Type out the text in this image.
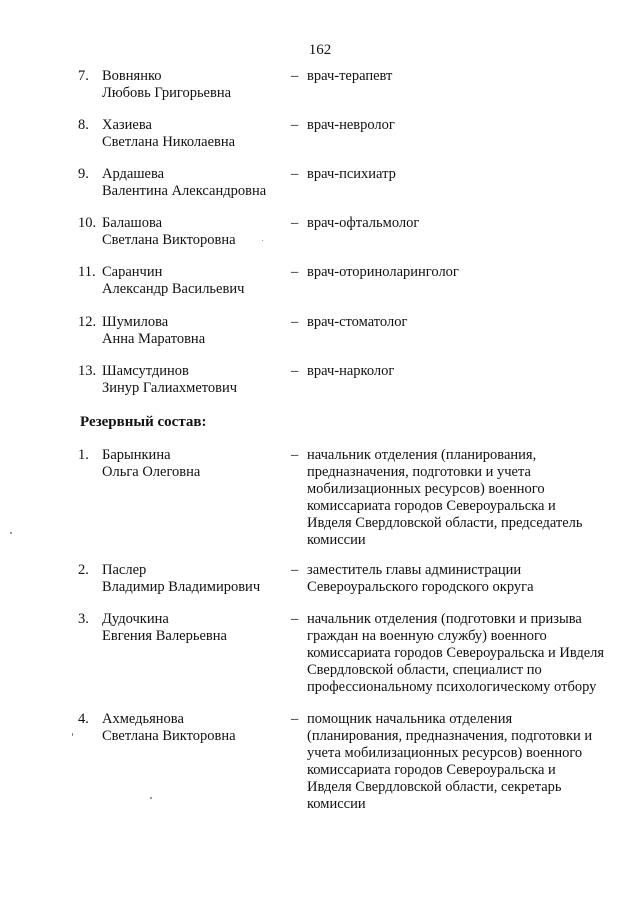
162
7. Вовнянко
Любовь Григорьевна
– врач-терапевт
8. Хазиева
Светлана Николаевна
– врач-невролог
9. Ардашева
Валентина Александровна
– врач-психиатр
10. Балашова
Светлана Викторовна
– врач-офтальмолог
11. Саранчин
Александр Васильевич
– врач-оториноларинголог
12. Шумилова
Анна Маратовна
– врач-стоматолог
13. Шамсутдинов
Зинур Галиахметович
– врач-нарколог
Резервный состав:
1. Барынкина
Ольга Олеговна
– начальник отделения (планирования,
предназначения, подготовки и учета
мобилизационных ресурсов) военного
комиссариата городов Североуральска и
Ивделя Свердловской области, председатель
комиссии
2. Паслер
Владимир Владимирович
– заместитель главы администрации
Североуральского городского округа
3. Дудочкина
Евгения Валерьевна
– начальник отделения (подготовки и призыва
граждан на военную службу) военного
комиссариата городов Североуральска и Ивделя
Свердловской области, специалист по
профессиональному психологическому отбору
4. Ахмедьянова
Светлана Викторовна
– помощник начальника отделения
(планирования, предназначения, подготовки и
учета мобилизационных ресурсов) военного
комиссариата городов Североуральска и
Ивделя Свердловской области, секретарь
комиссии
